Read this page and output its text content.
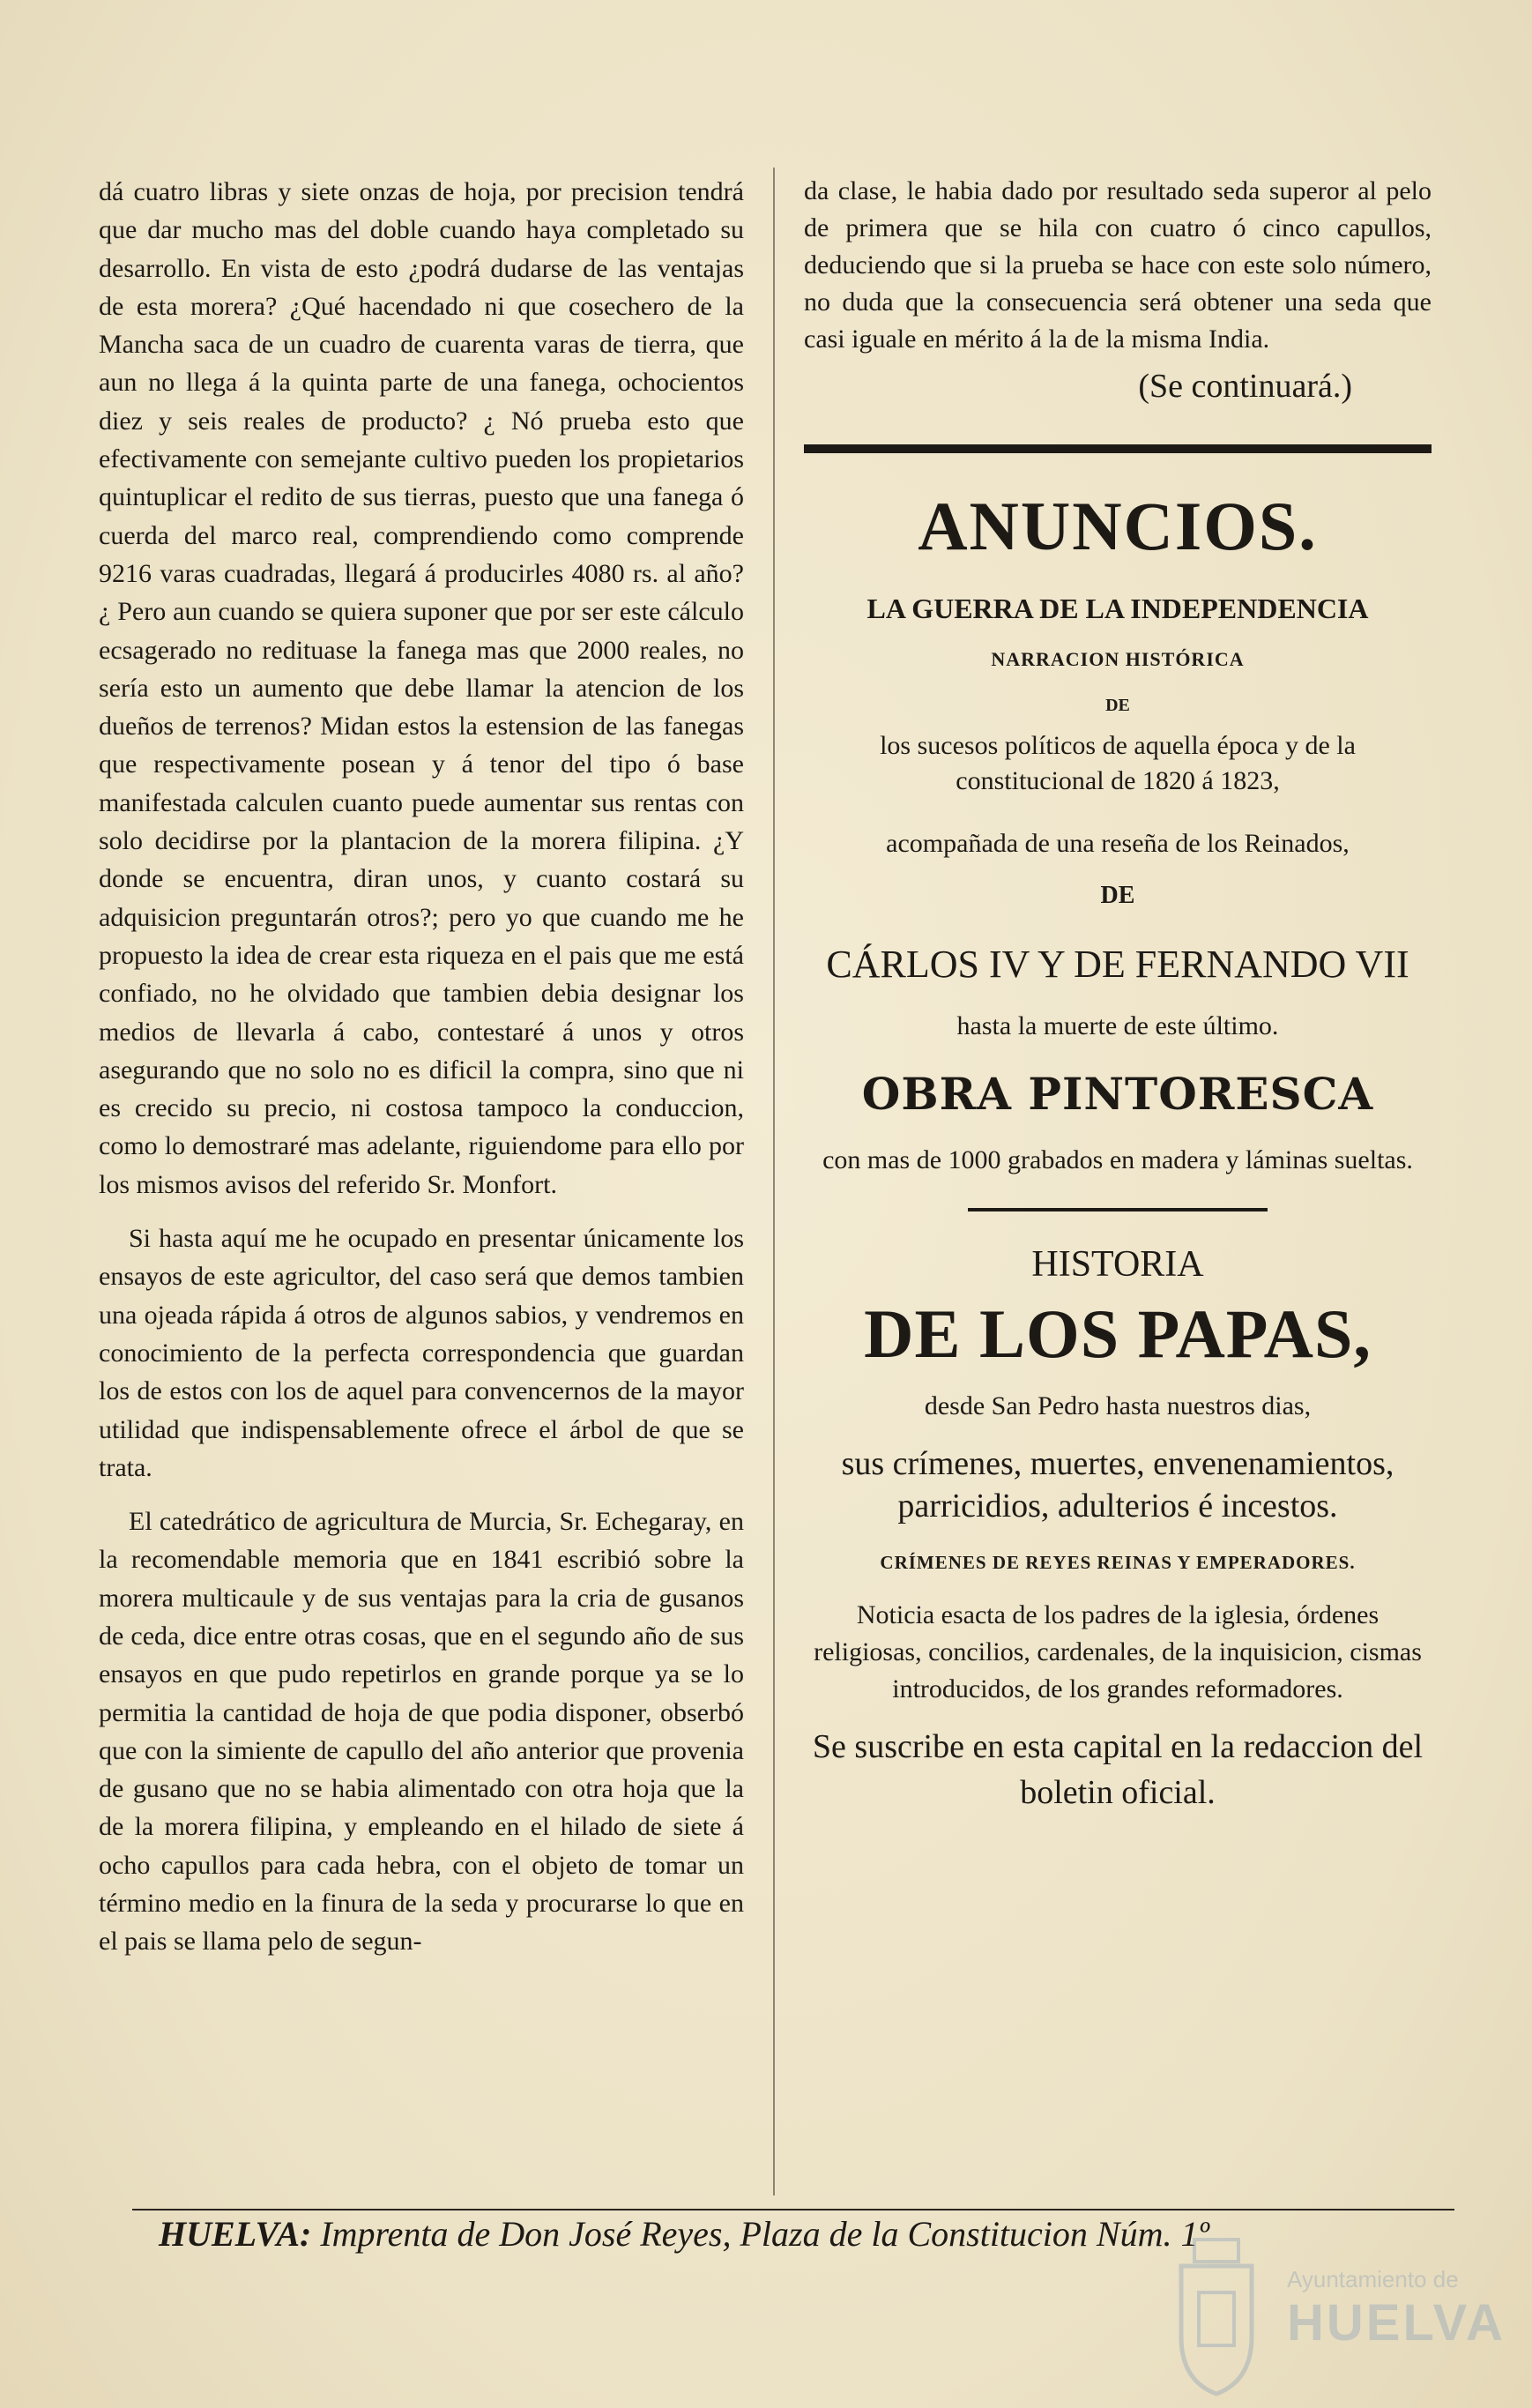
dá cuatro libras y siete onzas de hoja, por precision tendrá que dar mucho mas del doble cuando haya completado su desarrollo. En vista de esto ¿podrá dudarse de las ventajas de esta morera? ¿Qué hacendado ni que cosechero de la Mancha saca de un cuadro de cuarenta varas de tierra, que aun no llega á la quinta parte de una fanega, ochocientos diez y seis reales de producto? ¿ Nó prueba esto que efectivamente con semejante cultivo pueden los propietarios quintuplicar el redito de sus tierras, puesto que una fanega ó cuerda del marco real, comprendiendo como comprende 9216 varas cuadradas, llegará á producirles 4080 rs. al año? ¿ Pero aun cuando se quiera suponer que por ser este cálculo ecsagerado no redituase la fanega mas que 2000 reales, no sería esto un aumento que debe llamar la atencion de los dueños de terrenos? Midan estos la estension de las fanegas que respectivamente posean y á tenor del tipo ó base manifestada calculen cuanto puede aumentar sus rentas con solo decidirse por la plantacion de la morera filipina. ¿Y donde se encuentra, diran unos, y cuanto costará su adquisicion preguntarán otros?; pero yo que cuando me he propuesto la idea de crear esta riqueza en el pais que me está confiado, no he olvidado que tambien debia designar los medios de llevarla á cabo, contestaré á unos y otros asegurando que no solo no es dificil la compra, sino que ni es crecido su precio, ni costosa tampoco la conduccion, como lo demostraré mas adelante, riguiendome para ello por los mismos avisos del referido Sr. Monfort.

Si hasta aquí me he ocupado en presentar únicamente los ensayos de este agricultor, del caso será que demos tambien una ojeada rápida á otros de algunos sabios, y vendremos en conocimiento de la perfecta correspondencia que guardan los de estos con los de aquel para convencernos de la mayor utilidad que indispensablemente ofrece el árbol de que se trata.

El catedrático de agricultura de Murcia, Sr. Echegaray, en la recomendable memoria que en 1841 escribió sobre la morera multicaule y de sus ventajas para la cria de gusanos de ceda, dice entre otras cosas, que en el segundo año de sus ensayos en que pudo repetirlos en grande porque ya se lo permitia la cantidad de hoja de que podia disponer, obserbó que con la simiente de capullo del año anterior que provenia de gusano que no se habia alimentado con otra hoja que la de la morera filipina, y empleando en el hilado de siete á ocho capullos para cada hebra, con el objeto de tomar un término medio en la finura de la seda y procurarse lo que en el pais se llama pelo de segun-

da clase, le habia dado por resultado seda superor al pelo de primera que se hila con cuatro ó cinco capullos, deduciendo que si la prueba se hace con este solo número, no duda que la consecuencia será obtener una seda que casi iguale en mérito á la de la misma India.
(Se continuará.)
ANUNCIOS.
LA GUERRA DE LA INDEPENDENCIA
NARRACION HISTÓRICA
DE
los sucesos políticos de aquella época y de la constitucional de 1820 á 1823,
acompañada de una reseña de los Reinados,
DE
CÁRLOS IV Y DE FERNANDO VII
hasta la muerte de este último.
OBRA PINTORESCA
con mas de 1000 grabados en madera y láminas sueltas.
HISTORIA
DE LOS PAPAS,
desde San Pedro hasta nuestros dias,
sus crímenes, muertes, envenenamientos, parricidios, adulterios é incestos.
CRÍMENES DE REYES REINAS Y EMPERADORES.
Noticia esacta de los padres de la iglesia, órdenes religiosas, concilios, cardenales, de la inquisicion, cismas introducidos, de los grandes reformadores.
Se suscribe en esta capital en la redaccion del boletin oficial.
HUELVA: Imprenta de Don José Reyes, Plaza de la Constitucion Núm. 1º
Ayuntamiento de
HUELVA
